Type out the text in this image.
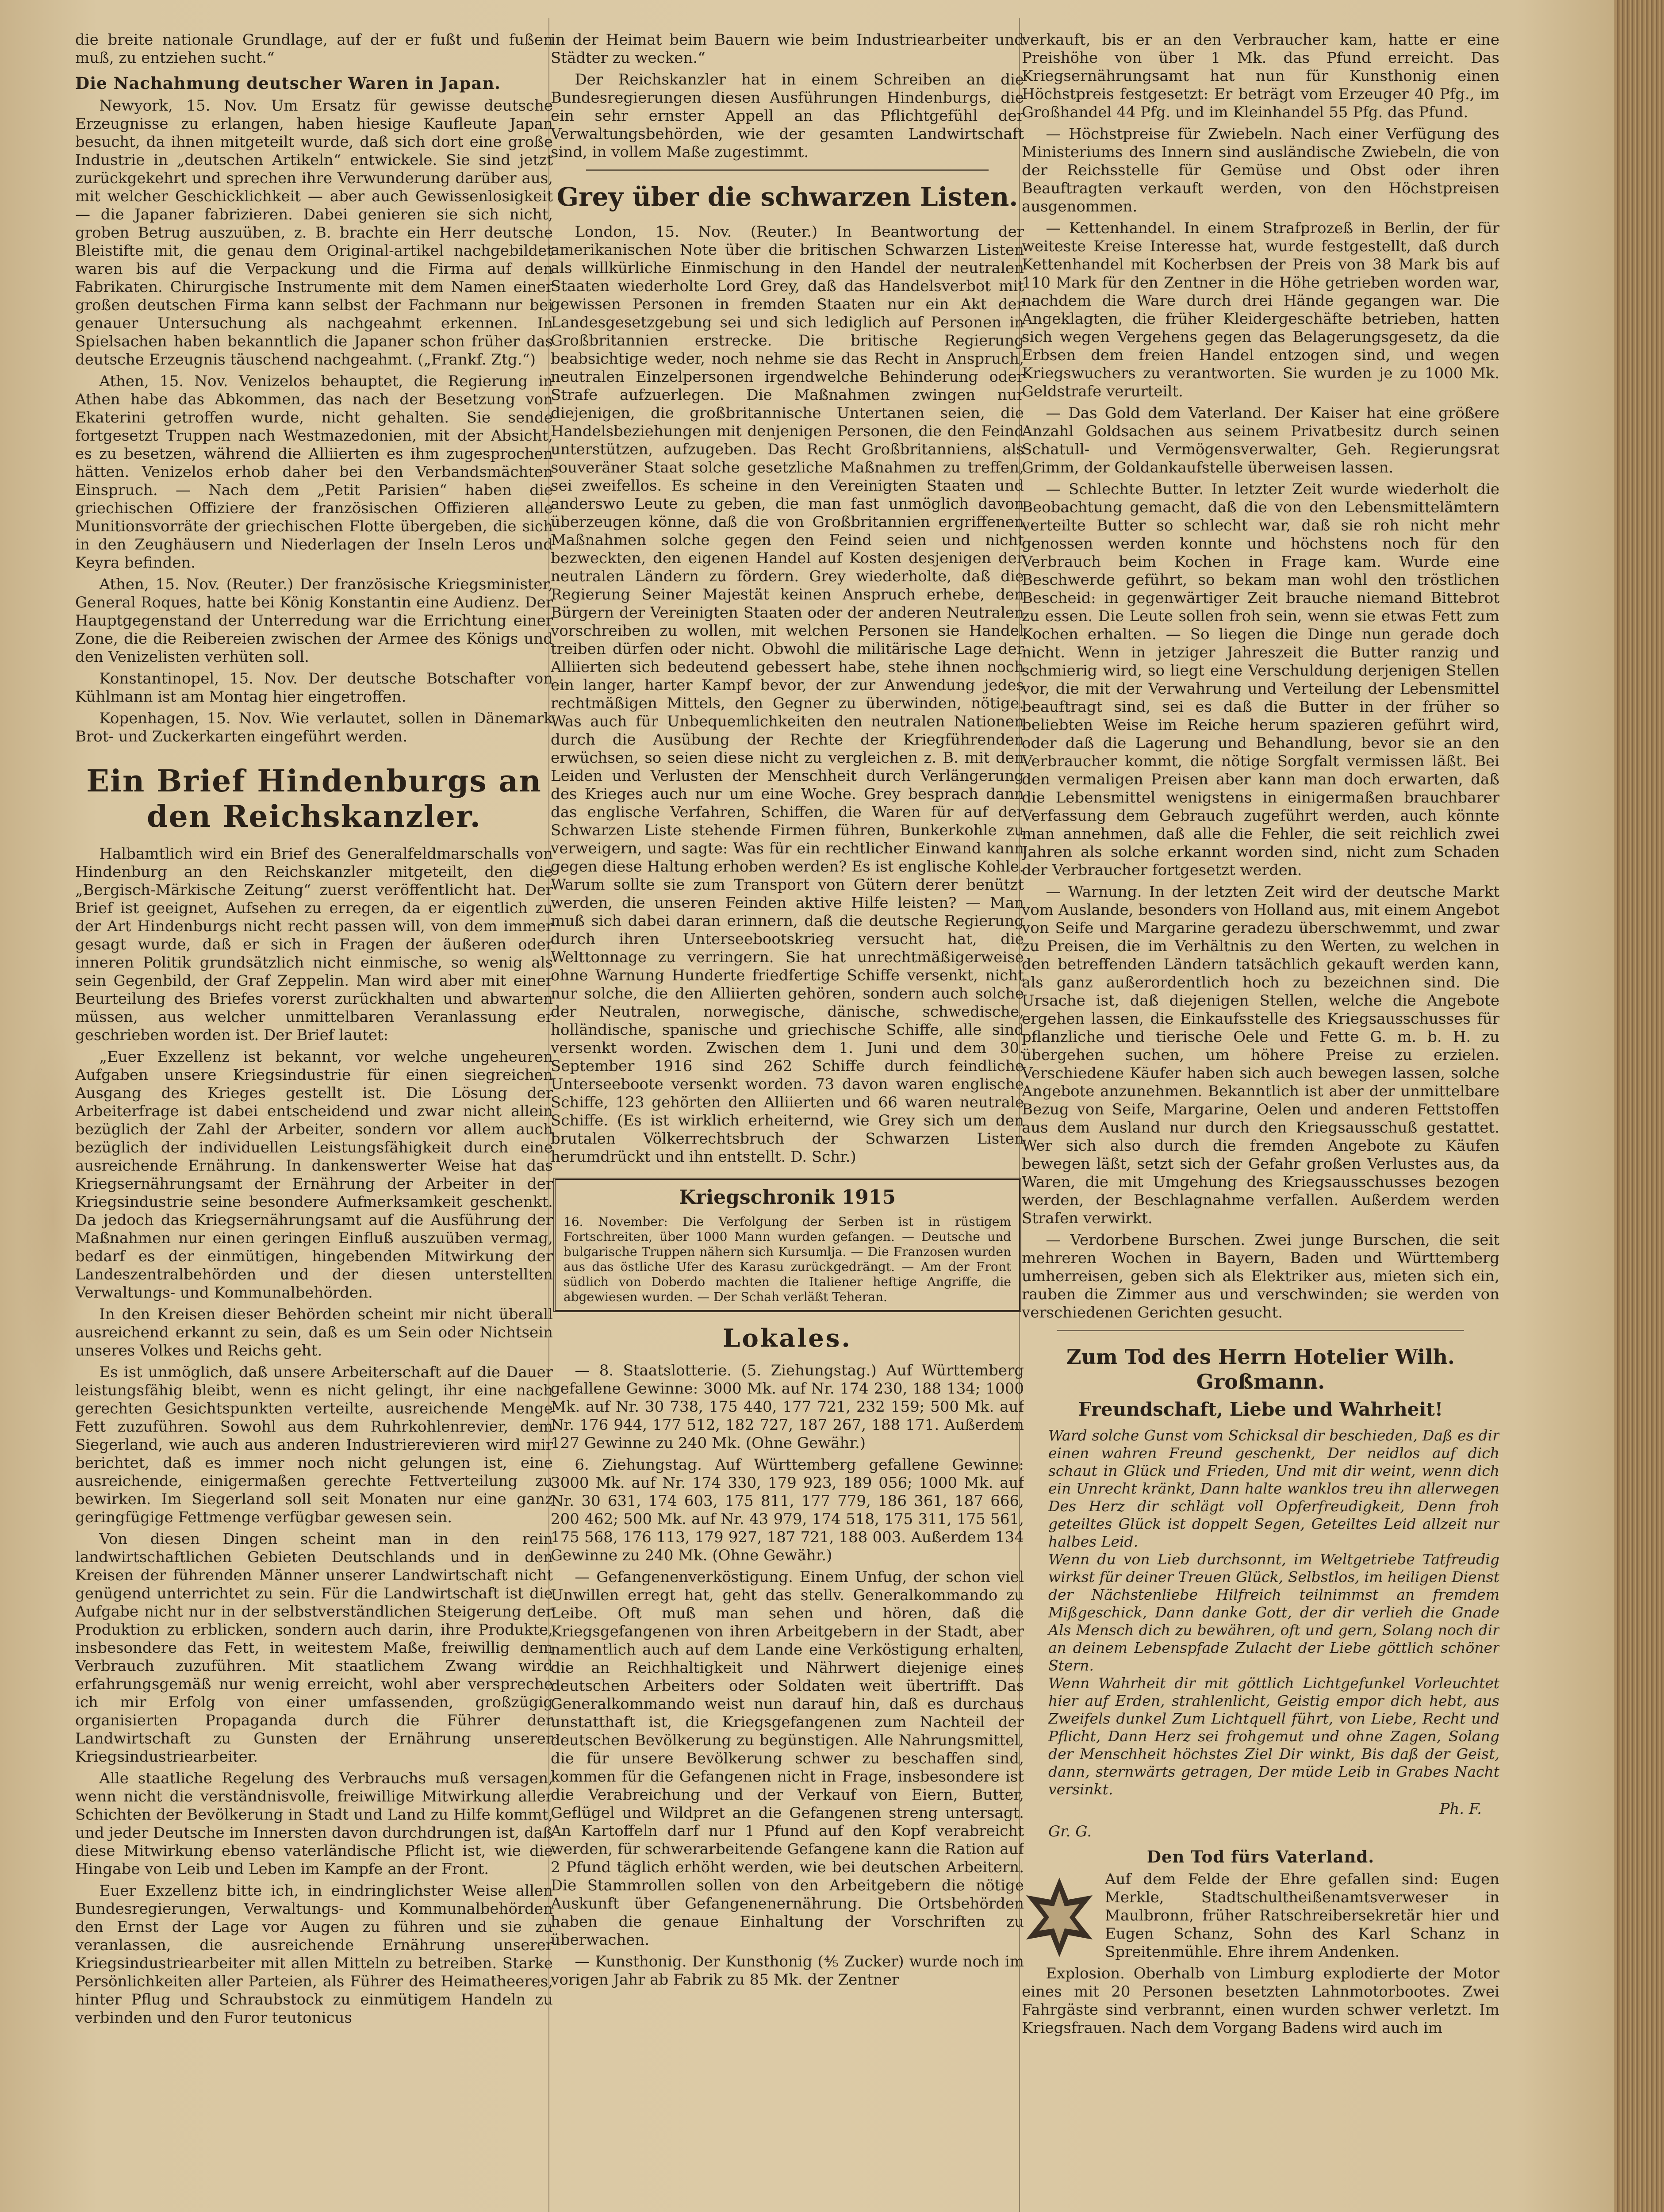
die breite nationale Grundlage, auf der er fußt und fußen muß, zu entziehen sucht.“

Die Nachahmung deutscher Waren in Japan.

Newyork, 15. Nov. Um Ersatz für gewisse deutsche Erzeugnisse zu erlangen, haben hiesige Kaufleute Japan besucht, da ihnen mitgeteilt wurde, daß sich dort eine große Industrie in „deutschen Artikeln“ entwickele. Sie sind jetzt zurückgekehrt und sprechen ihre Verwunderung darüber aus, mit welcher Geschicklichkeit — aber auch Gewissenlosigkeit — die Japaner fabrizieren. Dabei genieren sie sich nicht, groben Betrug auszuüben, z. B. brachte ein Herr deutsche Bleistifte mit, die genau dem Original-artikel nachgebildet waren bis auf die Verpackung und die Firma auf den Fabrikaten. Chirurgische Instrumente mit dem Namen einer großen deutschen Firma kann selbst der Fachmann nur bei genauer Untersuchung als nachgeahmt erkennen. In Spielsachen haben bekanntlich die Japaner schon früher das deutsche Erzeugnis täuschend nachgeahmt. („Frankf. Ztg.“)

Athen, 15. Nov. Venizelos behauptet, die Regierung in Athen habe das Abkommen, das nach der Besetzung von Ekaterini getroffen wurde, nicht gehalten. Sie sende fortgesetzt Truppen nach Westmazedonien, mit der Absicht, es zu besetzen, während die Alliierten es ihm zugesprochen hätten. Venizelos erhob daher bei den Verbandsmächten Einspruch. — Nach dem „Petit Parisien“ haben die griechischen Offiziere der französischen Offizieren alle Munitionsvorräte der griechischen Flotte übergeben, die sich in den Zeughäusern und Niederlagen der Inseln Leros und Keyra befinden.

Athen, 15. Nov. (Reuter.) Der französische Kriegsminister, General Roques, hatte bei König Konstantin eine Audienz. Der Hauptgegenstand der Unterredung war die Errichtung einer Zone, die die Reibereien zwischen der Armee des Königs und den Venizelisten verhüten soll.

Konstantinopel, 15. Nov. Der deutsche Botschafter von Kühlmann ist am Montag hier eingetroffen.

Kopenhagen, 15. Nov. Wie verlautet, sollen in Dänemark Brot- und Zuckerkarten eingeführt werden.

Ein Brief Hindenburgs an den Reichskanzler.

Halbamtlich wird ein Brief des Generalfeldmarschalls von Hindenburg an den Reichskanzler mitgeteilt, den die „Bergisch-Märkische Zeitung“ zuerst veröffentlicht hat. Der Brief ist geeignet, Aufsehen zu erregen, da er eigentlich zu der Art Hindenburgs nicht recht passen will, von dem immer gesagt wurde, daß er sich in Fragen der äußeren oder inneren Politik grundsätzlich nicht einmische, so wenig als sein Gegenbild, der Graf Zeppelin. Man wird aber mit einer Beurteilung des Briefes vorerst zurückhalten und abwarten müssen, aus welcher unmittelbaren Veranlassung er geschrieben worden ist. Der Brief lautet:

„Euer Exzellenz ist bekannt, vor welche ungeheuren Aufgaben unsere Kriegsindustrie für einen siegreichen Ausgang des Krieges gestellt ist. Die Lösung der Arbeiterfrage ist dabei entscheidend und zwar nicht allein bezüglich der Zahl der Arbeiter, sondern vor allem auch bezüglich der individuellen Leistungsfähigkeit durch eine ausreichende Ernährung. In dankenswerter Weise hat das Kriegsernährungsamt der Ernährung der Arbeiter in der Kriegsindustrie seine besondere Aufmerksamkeit geschenkt. Da jedoch das Kriegsernährungsamt auf die Ausführung der Maßnahmen nur einen geringen Einfluß auszuüben vermag, bedarf es der einmütigen, hingebenden Mitwirkung der Landeszentralbehörden und der diesen unterstellten Verwaltungs- und Kommunalbehörden.

In den Kreisen dieser Behörden scheint mir nicht überall ausreichend erkannt zu sein, daß es um Sein oder Nichtsein unseres Volkes und Reichs geht.

Es ist unmöglich, daß unsere Arbeiterschaft auf die Dauer leistungsfähig bleibt, wenn es nicht gelingt, ihr eine nach gerechten Gesichtspunkten verteilte, ausreichende Menge Fett zuzuführen. Sowohl aus dem Ruhrkohlenrevier, dem Siegerland, wie auch aus anderen Industrierevieren wird mir berichtet, daß es immer noch nicht gelungen ist, eine ausreichende, einigermaßen gerechte Fettverteilung zu bewirken. Im Siegerland soll seit Monaten nur eine ganz geringfügige Fettmenge verfügbar gewesen sein.

Von diesen Dingen scheint man in den rein landwirtschaftlichen Gebieten Deutschlands und in den Kreisen der führenden Männer unserer Landwirtschaft nicht genügend unterrichtet zu sein. Für die Landwirtschaft ist die Aufgabe nicht nur in der selbstverständlichen Steigerung der Produktion zu erblicken, sondern auch darin, ihre Produkte, insbesondere das Fett, in weitestem Maße, freiwillig dem Verbrauch zuzuführen. Mit staatlichem Zwang wird erfahrungsgemäß nur wenig erreicht, wohl aber verspreche ich mir Erfolg von einer umfassenden, großzügig organisierten Propaganda durch die Führer der Landwirtschaft zu Gunsten der Ernährung unserer Kriegsindustriearbeiter.

Alle staatliche Regelung des Verbrauchs muß versagen, wenn nicht die verständnisvolle, freiwillige Mitwirkung aller Schichten der Bevölkerung in Stadt und Land zu Hilfe kommt, und jeder Deutsche im Innersten davon durchdrungen ist, daß diese Mitwirkung ebenso vaterländische Pflicht ist, wie die Hingabe von Leib und Leben im Kampfe an der Front.

Euer Exzellenz bitte ich, in eindringlichster Weise allen Bundesregierungen, Verwaltungs- und Kommunalbehörden den Ernst der Lage vor Augen zu führen und sie zu veranlassen, die ausreichende Ernährung unserer Kriegsindustriearbeiter mit allen Mitteln zu betreiben. Starke Persönlichkeiten aller Parteien, als Führer des Heimatheeres, hinter Pflug und Schraubstock zu einmütigem Handeln zu verbinden und den Furor teutonicus

in der Heimat beim Bauern wie beim Industriearbeiter und Städter zu wecken.“

Der Reichskanzler hat in einem Schreiben an die Bundesregierungen diesen Ausführungen Hindenburgs, die ein sehr ernster Appell an das Pflichtgefühl der Verwaltungsbehörden, wie der gesamten Landwirtschaft sind, in vollem Maße zugestimmt.

Grey über die schwarzen Listen.

London, 15. Nov. (Reuter.) In Beantwortung der amerikanischen Note über die britischen Schwarzen Listen als willkürliche Einmischung in den Handel der neutralen Staaten wiederholte Lord Grey, daß das Handelsverbot mit gewissen Personen in fremden Staaten nur ein Akt der Landesgesetzgebung sei und sich lediglich auf Personen in Großbritannien erstrecke. Die britische Regierung beabsichtige weder, noch nehme sie das Recht in Anspruch, neutralen Einzelpersonen irgendwelche Behinderung oder Strafe aufzuerlegen. Die Maßnahmen zwingen nur diejenigen, die großbritannische Untertanen seien, die Handelsbeziehungen mit denjenigen Personen, die den Feind unterstützen, aufzugeben. Das Recht Großbritanniens, als souveräner Staat solche gesetzliche Maßnahmen zu treffen, sei zweifellos. Es scheine in den Vereinigten Staaten und anderswo Leute zu geben, die man fast unmöglich davon überzeugen könne, daß die von Großbritannien ergriffenen Maßnahmen solche gegen den Feind seien und nicht bezweckten, den eigenen Handel auf Kosten desjenigen der neutralen Ländern zu fördern. Grey wiederholte, daß die Regierung Seiner Majestät keinen Anspruch erhebe, den Bürgern der Vereinigten Staaten oder der anderen Neutralen vorschreiben zu wollen, mit welchen Personen sie Handel treiben dürfen oder nicht. Obwohl die militärische Lage der Alliierten sich bedeutend gebessert habe, stehe ihnen noch ein langer, harter Kampf bevor, der zur Anwendung jedes rechtmäßigen Mittels, den Gegner zu überwinden, nötige. Was auch für Unbequemlichkeiten den neutralen Nationen durch die Ausübung der Rechte der Kriegführenden erwüchsen, so seien diese nicht zu vergleichen z. B. mit den Leiden und Verlusten der Menschheit durch Verlängerung des Krieges auch nur um eine Woche. Grey besprach dann das englische Verfahren, Schiffen, die Waren für auf der Schwarzen Liste stehende Firmen führen, Bunkerkohle zu verweigern, und sagte: Was für ein rechtlicher Einwand kann gegen diese Haltung erhoben werden? Es ist englische Kohle. Warum sollte sie zum Transport von Gütern derer benützt werden, die unseren Feinden aktive Hilfe leisten? — Man muß sich dabei daran erinnern, daß die deutsche Regierung durch ihren Unterseebootskrieg versucht hat, die Welttonnage zu verringern. Sie hat unrechtmäßigerweise ohne Warnung Hunderte friedfertige Schiffe versenkt, nicht nur solche, die den Alliierten gehören, sondern auch solche der Neutralen, norwegische, dänische, schwedische, holländische, spanische und griechische Schiffe, alle sind versenkt worden. Zwischen dem 1. Juni und dem 30. September 1916 sind 262 Schiffe durch feindliche Unterseeboote versenkt worden. 73 davon waren englische Schiffe, 123 gehörten den Alliierten und 66 waren neutrale Schiffe. (Es ist wirklich erheiternd, wie Grey sich um den brutalen Völkerrechtsbruch der Schwarzen Listen herumdrückt und ihn entstellt. D. Schr.)

Kriegschronik 1915
16. November: Die Verfolgung der Serben ist in rüstigem Fortschreiten, über 1000 Mann wurden gefangen. — Deutsche und bulgarische Truppen nähern sich Kursumlja. — Die Franzosen wurden aus das östliche Ufer des Karasu zurückgedrängt. — Am der Front südlich von Doberdo machten die Italiener heftige Angriffe, die abgewiesen wurden. — Der Schah verläßt Teheran.
Lokales.

— 8. Staatslotterie. (5. Ziehungstag.) Auf Württemberg gefallene Gewinne: 3000 Mk. auf Nr. 174 230, 188 134; 1000 Mk. auf Nr. 30 738, 175 440, 177 721, 232 159; 500 Mk. auf Nr. 176 944, 177 512, 182 727, 187 267, 188 171. Außerdem 127 Gewinne zu 240 Mk. (Ohne Gewähr.)

6. Ziehungstag. Auf Württemberg gefallene Gewinne: 3000 Mk. auf Nr. 174 330, 179 923, 189 056; 1000 Mk. auf Nr. 30 631, 174 603, 175 811, 177 779, 186 361, 187 666, 200 462; 500 Mk. auf Nr. 43 979, 174 518, 175 311, 175 561, 175 568, 176 113, 179 927, 187 721, 188 003. Außerdem 134 Gewinne zu 240 Mk. (Ohne Gewähr.)

— Gefangenenverköstigung. Einem Unfug, der schon viel Unwillen erregt hat, geht das stellv. Generalkommando zu Leibe. Oft muß man sehen und hören, daß die Kriegsgefangenen von ihren Arbeitgebern in der Stadt, aber namentlich auch auf dem Lande eine Verköstigung erhalten, die an Reichhaltigkeit und Nährwert diejenige eines deutschen Arbeiters oder Soldaten weit übertrifft. Das Generalkommando weist nun darauf hin, daß es durchaus unstatthaft ist, die Kriegsgefangenen zum Nachteil der deutschen Bevölkerung zu begünstigen. Alle Nahrungsmittel, die für unsere Bevölkerung schwer zu beschaffen sind, kommen für die Gefangenen nicht in Frage, insbesondere ist die Verabreichung und der Verkauf von Eiern, Butter, Geflügel und Wildpret an die Gefangenen streng untersagt. An Kartoffeln darf nur 1 Pfund auf den Kopf verabreicht werden, für schwerarbeitende Gefangene kann die Ration auf 2 Pfund täglich erhöht werden, wie bei deutschen Arbeitern. Die Stammrollen sollen von den Arbeitgebern die nötige Auskunft über Gefangenenernährung. Die Ortsbehörden haben die genaue Einhaltung der Vorschriften zu überwachen.

— Kunsthonig. Der Kunsthonig (⅘ Zucker) wurde noch im vorigen Jahr ab Fabrik zu 85 Mk. der Zentner

verkauft, bis er an den Verbraucher kam, hatte er eine Preishöhe von über 1 Mk. das Pfund erreicht. Das Kriegsernährungsamt hat nun für Kunsthonig einen Höchstpreis festgesetzt: Er beträgt vom Erzeuger 40 Pfg., im Großhandel 44 Pfg. und im Kleinhandel 55 Pfg. das Pfund.

— Höchstpreise für Zwiebeln. Nach einer Verfügung des Ministeriums des Innern sind ausländische Zwiebeln, die von der Reichsstelle für Gemüse und Obst oder ihren Beauftragten verkauft werden, von den Höchstpreisen ausgenommen.

— Kettenhandel. In einem Strafprozeß in Berlin, der für weiteste Kreise Interesse hat, wurde festgestellt, daß durch Kettenhandel mit Kocherbsen der Preis von 38 Mark bis auf 110 Mark für den Zentner in die Höhe getrieben worden war, nachdem die Ware durch drei Hände gegangen war. Die Angeklagten, die früher Kleidergeschäfte betrieben, hatten sich wegen Vergehens gegen das Belagerungsgesetz, da die Erbsen dem freien Handel entzogen sind, und wegen Kriegswuchers zu verantworten. Sie wurden je zu 1000 Mk. Geldstrafe verurteilt.

— Das Gold dem Vaterland. Der Kaiser hat eine größere Anzahl Goldsachen aus seinem Privatbesitz durch seinen Schatull- und Vermögensverwalter, Geh. Regierungsrat Grimm, der Goldankaufstelle überweisen lassen.

— Schlechte Butter. In letzter Zeit wurde wiederholt die Beobachtung gemacht, daß die von den Lebensmittelämtern verteilte Butter so schlecht war, daß sie roh nicht mehr genossen werden konnte und höchstens noch für den Verbrauch beim Kochen in Frage kam. Wurde eine Beschwerde geführt, so bekam man wohl den tröstlichen Bescheid: in gegenwärtiger Zeit brauche niemand Bittebrot zu essen. Die Leute sollen froh sein, wenn sie etwas Fett zum Kochen erhalten. — So liegen die Dinge nun gerade doch nicht. Wenn in jetziger Jahreszeit die Butter ranzig und schmierig wird, so liegt eine Verschuldung derjenigen Stellen vor, die mit der Verwahrung und Verteilung der Lebensmittel beauftragt sind, sei es daß die Butter in der früher so beliebten Weise im Reiche herum spazieren geführt wird, oder daß die Lagerung und Behandlung, bevor sie an den Verbraucher kommt, die nötige Sorgfalt vermissen läßt. Bei den vermaligen Preisen aber kann man doch erwarten, daß die Lebensmittel wenigstens in einigermaßen brauchbarer Verfassung dem Gebrauch zugeführt werden, auch könnte man annehmen, daß alle die Fehler, die seit reichlich zwei Jahren als solche erkannt worden sind, nicht zum Schaden der Verbraucher fortgesetzt werden.

— Warnung. In der letzten Zeit wird der deutsche Markt vom Auslande, besonders von Holland aus, mit einem Angebot von Seife und Margarine geradezu überschwemmt, und zwar zu Preisen, die im Verhältnis zu den Werten, zu welchen in den betreffenden Ländern tatsächlich gekauft werden kann, als ganz außerordentlich hoch zu bezeichnen sind. Die Ursache ist, daß diejenigen Stellen, welche die Angebote ergehen lassen, die Einkaufsstelle des Kriegsausschusses für pflanzliche und tierische Oele und Fette G. m. b. H. zu übergehen suchen, um höhere Preise zu erzielen. Verschiedene Käufer haben sich auch bewegen lassen, solche Angebote anzunehmen. Bekanntlich ist aber der unmittelbare Bezug von Seife, Margarine, Oelen und anderen Fettstoffen aus dem Ausland nur durch den Kriegsausschuß gestattet. Wer sich also durch die fremden Angebote zu Käufen bewegen läßt, setzt sich der Gefahr großen Verlustes aus, da Waren, die mit Umgehung des Kriegsausschusses bezogen werden, der Beschlagnahme verfallen. Außerdem werden Strafen verwirkt.

— Verdorbene Burschen. Zwei junge Burschen, die seit mehreren Wochen in Bayern, Baden und Württemberg umherreisen, geben sich als Elektriker aus, mieten sich ein, rauben die Zimmer aus und verschwinden; sie werden von verschiedenen Gerichten gesucht.

Zum Tod des Herrn Hotelier Wilh. Großmann.
Freundschaft, Liebe und Wahrheit!

Ward solche Gunst vom Schicksal dir beschieden, Daß es dir einen wahren Freund geschenkt, Der neidlos auf dich schaut in Glück und Frieden, Und mit dir weint, wenn dich ein Unrecht kränkt, Dann halte wanklos treu ihn allerwegen Des Herz dir schlägt voll Opferfreudigkeit, Denn froh geteiltes Glück ist doppelt Segen, Geteiltes Leid allzeit nur halbes Leid.

Wenn du von Lieb durchsonnt, im Weltgetriebe Tatfreudig wirkst für deiner Treuen Glück, Selbstlos, im heiligen Dienst der Nächstenliebe Hilfreich teilnimmst an fremdem Mißgeschick, Dann danke Gott, der dir verlieh die Gnade Als Mensch dich zu bewähren, oft und gern, Solang noch dir an deinem Lebenspfade Zulacht der Liebe göttlich schöner Stern.

Wenn Wahrheit dir mit göttlich Lichtgefunkel Vorleuchtet hier auf Erden, strahlenlicht, Geistig empor dich hebt, aus Zweifels dunkel Zum Lichtquell führt, von Liebe, Recht und Pflicht, Dann Herz sei frohgemut und ohne Zagen, Solang der Menschheit höchstes Ziel Dir winkt, Bis daß der Geist, dann, sternwärts getragen, Der müde Leib in Grabes Nacht versinkt.

Ph. F.
Gr. G.
Den Tod fürs Vaterland.

Auf dem Felde der Ehre gefallen sind: Eugen Merkle, Stadtschultheißenamtsverweser in Maulbronn, früher Ratschreibersekretär hier und Eugen Schanz, Sohn des Karl Schanz in Spreitenmühle. Ehre ihrem Andenken.

Explosion. Oberhalb von Limburg explodierte der Motor eines mit 20 Personen besetzten Lahnmotorbootes. Zwei Fahrgäste sind verbrannt, einen wurden schwer verletzt. Im Kriegsfrauen. Nach dem Vorgang Badens wird auch im
